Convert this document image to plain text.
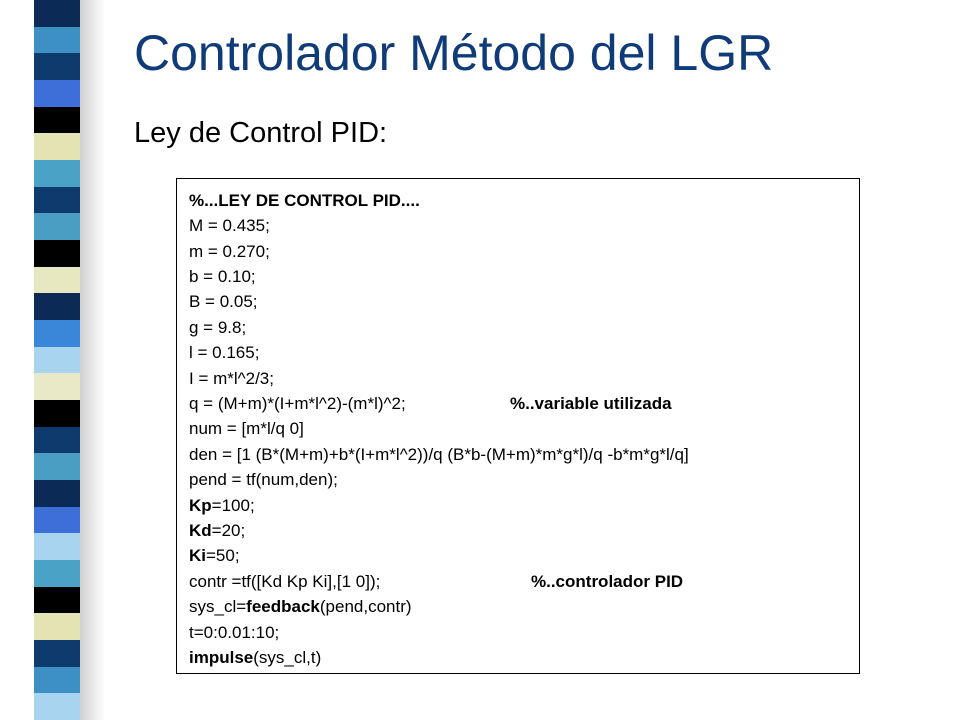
Controlador Método del LGR
Ley de Control PID:
%...LEY DE CONTROL PID....
M = 0.435;
m = 0.270;
b = 0.10;
B = 0.05;
g = 9.8;
l = 0.165;
I = m*l^2/3;
q = (M+m)*(I+m*l^2)-(m*l)^2;	%..variable utilizada
num = [m*l/q 0]
den = [1 (B*(M+m)+b*(I+m*l^2))/q (B*b-(M+m)*m*g*l)/q -b*m*g*l/q]
pend = tf(num,den);
Kp=100;
Kd=20;
Ki=50;
contr =tf([Kd Kp Ki],[1 0]);	%..controlador PID
sys_cl=feedback(pend,contr)
t=0:0.01:10;
impulse(sys_cl,t)
